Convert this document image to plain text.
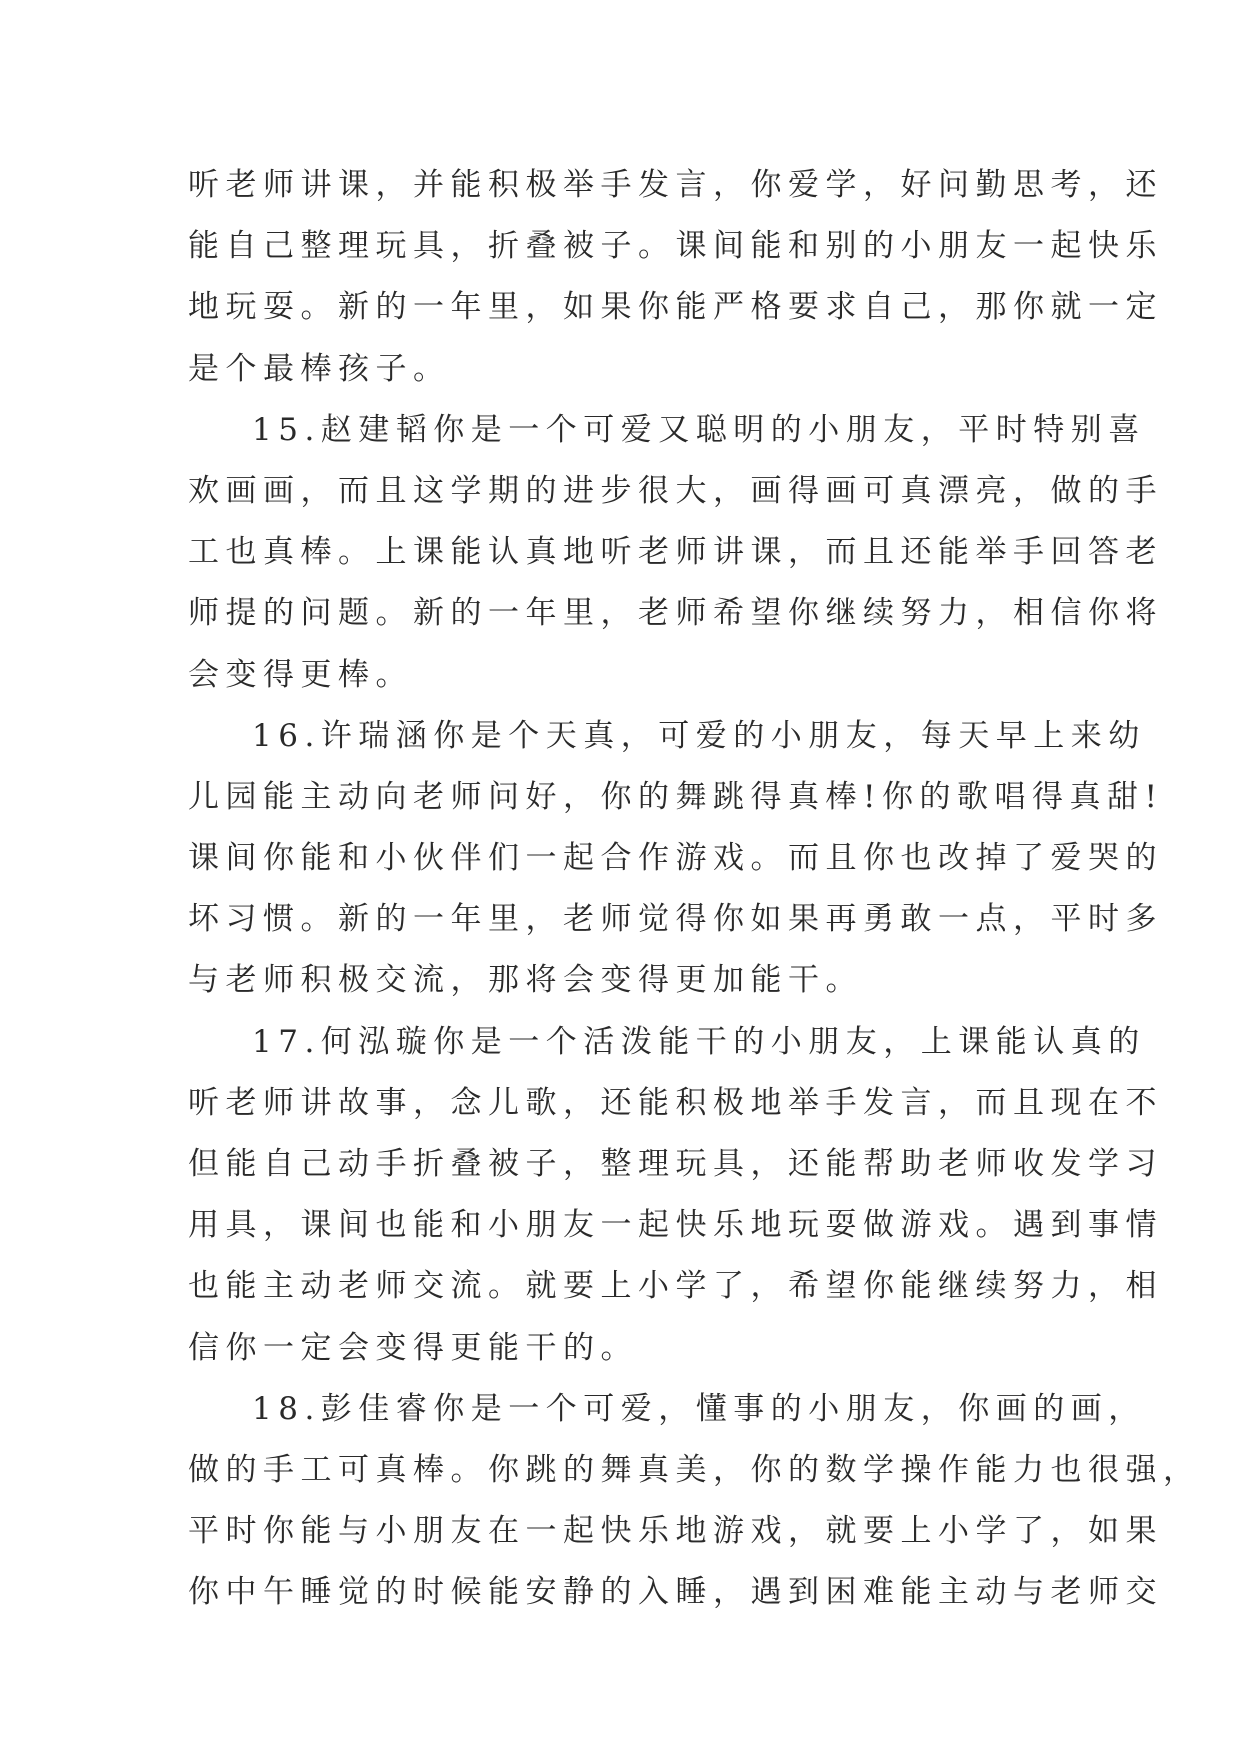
听老师讲课，并能积极举手发言，你爱学，好问勤思考，还
能自己整理玩具，折叠被子。课间能和别的小朋友一起快乐
地玩耍。新的一年里，如果你能严格要求自己，那你就一定
是个最棒孩子。
15.赵建韬你是一个可爱又聪明的小朋友，平时特别喜
欢画画，而且这学期的进步很大，画得画可真漂亮，做的手
工也真棒。上课能认真地听老师讲课，而且还能举手回答老
师提的问题。新的一年里，老师希望你继续努力，相信你将
会变得更棒。
16.许瑞涵你是个天真，可爱的小朋友，每天早上来幼
儿园能主动向老师问好，你的舞跳得真棒!你的歌唱得真甜!
课间你能和小伙伴们一起合作游戏。而且你也改掉了爱哭的
坏习惯。新的一年里，老师觉得你如果再勇敢一点，平时多
与老师积极交流，那将会变得更加能干。
17.何泓璇你是一个活泼能干的小朋友，上课能认真的
听老师讲故事，念儿歌，还能积极地举手发言，而且现在不
但能自己动手折叠被子，整理玩具，还能帮助老师收发学习
用具，课间也能和小朋友一起快乐地玩耍做游戏。遇到事情
也能主动老师交流。就要上小学了，希望你能继续努力，相
信你一定会变得更能干的。
18.彭佳睿你是一个可爱，懂事的小朋友，你画的画，
做的手工可真棒。你跳的舞真美，你的数学操作能力也很强，
平时你能与小朋友在一起快乐地游戏，就要上小学了，如果
你中午睡觉的时候能安静的入睡，遇到困难能主动与老师交
